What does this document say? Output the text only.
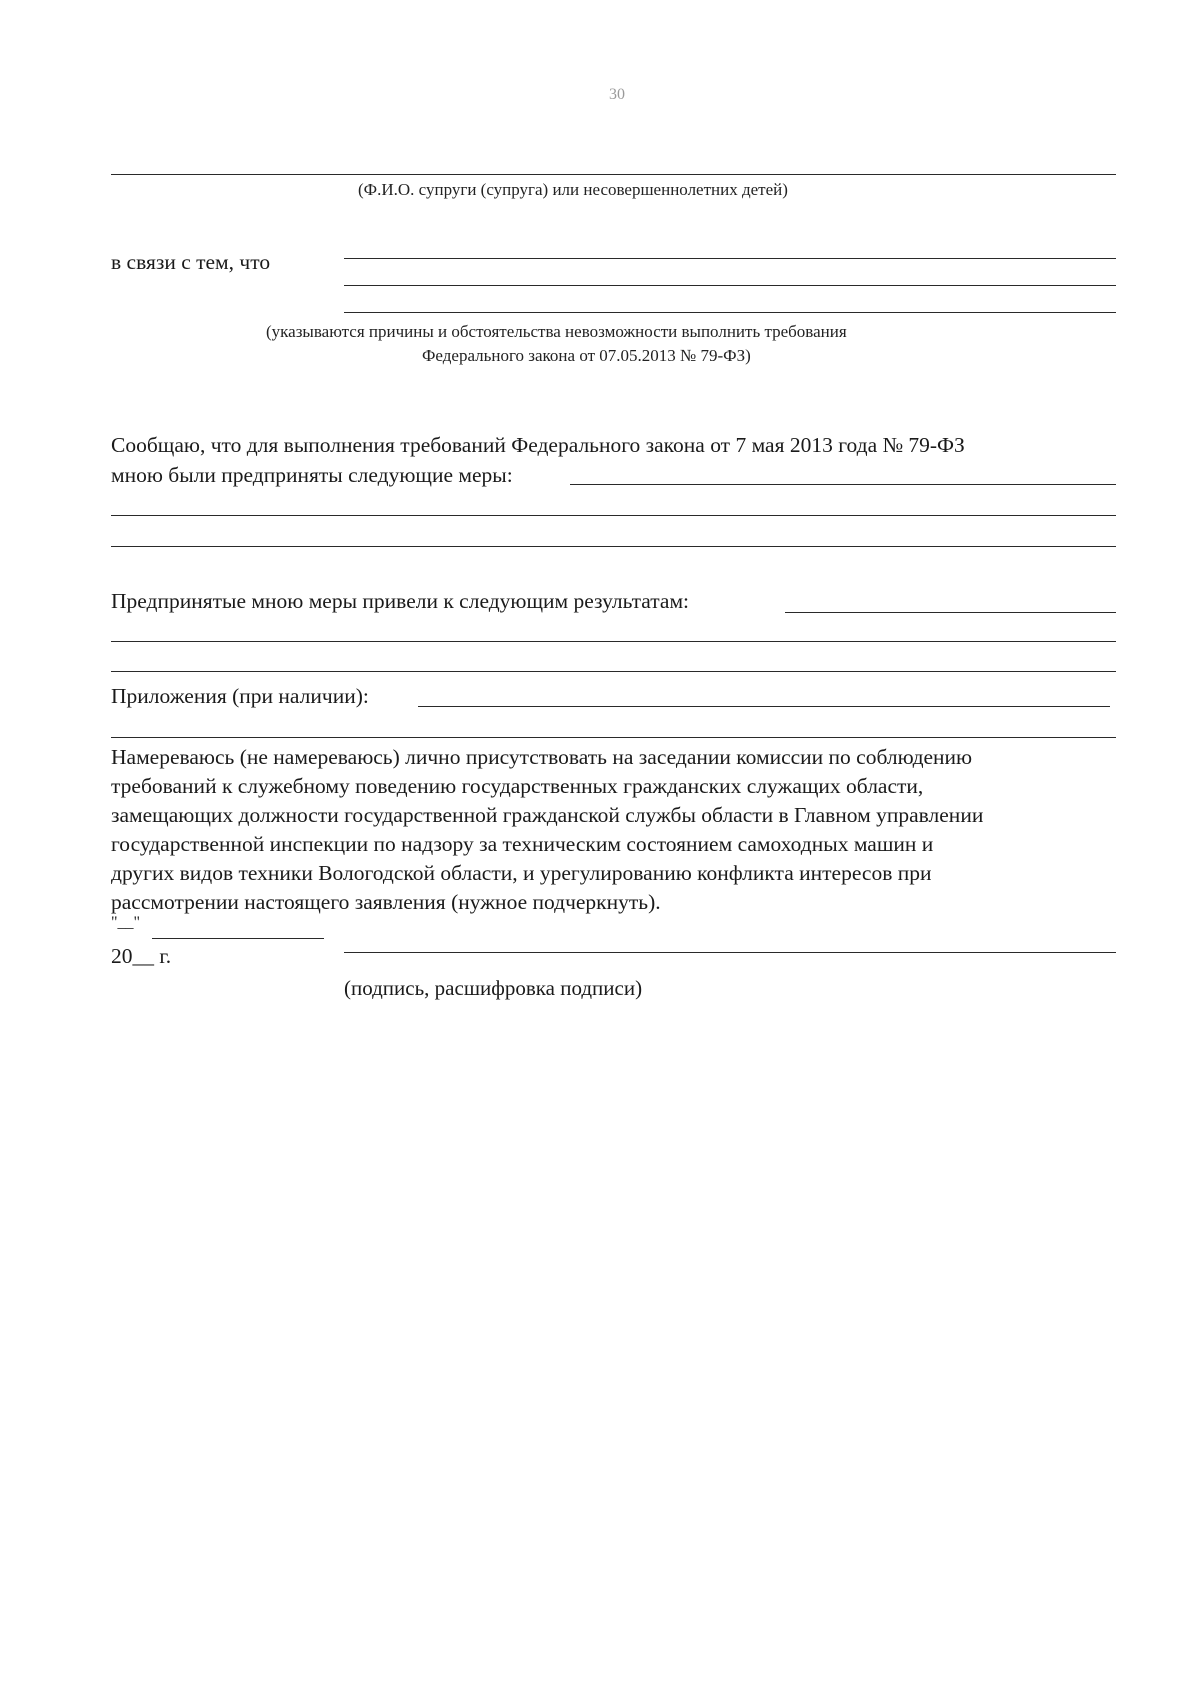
30
(Ф.И.О. супруги (супруга) или несовершеннолетних детей)
в связи с тем, что
(указываются причины и обстоятельства невозможности выполнить требования
Федерального закона от 07.05.2013 № 79-ФЗ)
Сообщаю, что для выполнения требований Федерального закона от 7 мая 2013 года № 79-ФЗ
мною были предприняты следующие меры:
Предпринятые мною меры привели к следующим результатам:
Приложения (при наличии):

Намереваюсь (не намереваюсь) лично присутствовать на заседании комиссии по соблюдению

требований к служебному поведению государственных гражданских служащих области,

замещающих должности государственной гражданской службы области в Главном управлении

государственной инспекции по надзору за техническим состоянием самоходных машин и

других видов техники Вологодской области, и урегулированию конфликта интересов при

рассмотрении настоящего заявления (нужное подчеркнуть).

"__"
20__ г.
(подпись, расшифровка подписи)
